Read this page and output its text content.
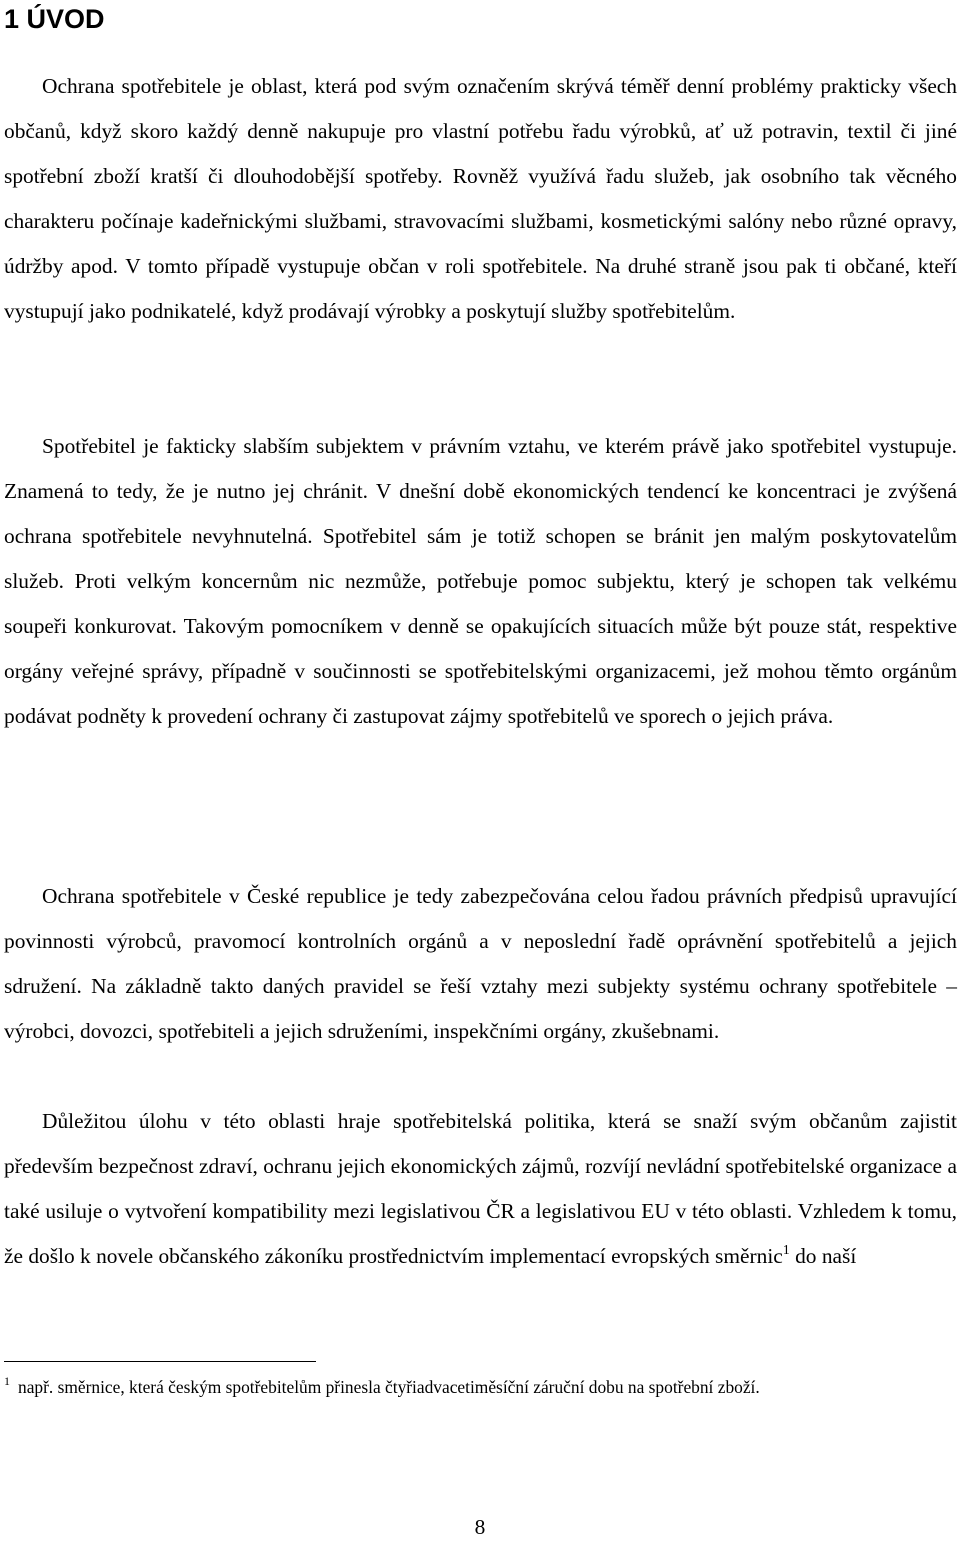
1 ÚVOD

Ochrana spotřebitele je oblast, která pod svým označením skrývá téměř denní problémy prakticky všech občanů, když skoro každý denně nakupuje pro vlastní potřebu řadu výrobků, ať už potravin, textil či jiné spotřební zboží kratší či dlouhodobější spotřeby. Rovněž využívá řadu služeb, jak osobního tak věcného charakteru počínaje kadeřnickými službami, stravovacími službami, kosmetickými salóny nebo různé opravy, údržby apod. V tomto případě vystupuje občan v roli spotřebitele. Na druhé straně jsou pak ti občané, kteří vystupují jako podnikatelé, když prodávají výrobky a poskytují služby spotřebitelům.

Spotřebitel je fakticky slabším subjektem v právním vztahu, ve kterém právě jako spotřebitel vystupuje. Znamená to tedy, že je nutno jej chránit. V dnešní době ekonomických tendencí ke koncentraci je zvýšená ochrana spotřebitele nevyhnutelná. Spotřebitel sám je totiž schopen se bránit jen malým poskytovatelům služeb. Proti velkým koncernům nic nezmůže, potřebuje pomoc subjektu, který je schopen tak velkému soupeři konkurovat. Takovým pomocníkem v denně se opakujících situacích může být pouze stát, respektive orgány veřejné správy, případně v součinnosti se spotřebitelskými organizacemi, jež mohou těmto orgánům podávat podněty k provedení ochrany či zastupovat zájmy spotřebitelů ve sporech o jejich práva.

Ochrana spotřebitele v České republice je tedy zabezpečována celou řadou právních předpisů upravující povinnosti výrobců, pravomocí kontrolních orgánů a v neposlední řadě oprávnění spotřebitelů a jejich sdružení. Na základně takto daných pravidel se řeší vztahy mezi subjekty systému ochrany spotřebitele – výrobci, dovozci, spotřebiteli a jejich sdruženími, inspekčními orgány, zkušebnami.

Důležitou úlohu v této oblasti hraje spotřebitelská politika, která se snaží svým občanům zajistit především bezpečnost zdraví, ochranu jejich ekonomických zájmů, rozvíjí nevládní spotřebitelské organizace a také usiluje o vytvoření kompatibility mezi legislativou ČR a legislativou EU v této oblasti. Vzhledem k tomu, že došlo k novele občanského zákoníku prostřednictvím implementací evropských směrnic$^1$ do naší

$^1$ např. směrnice, která českým spotřebitelům přinesla čtyřiadvacetiměsíční záruční dobu na spotřební zboží.

8
